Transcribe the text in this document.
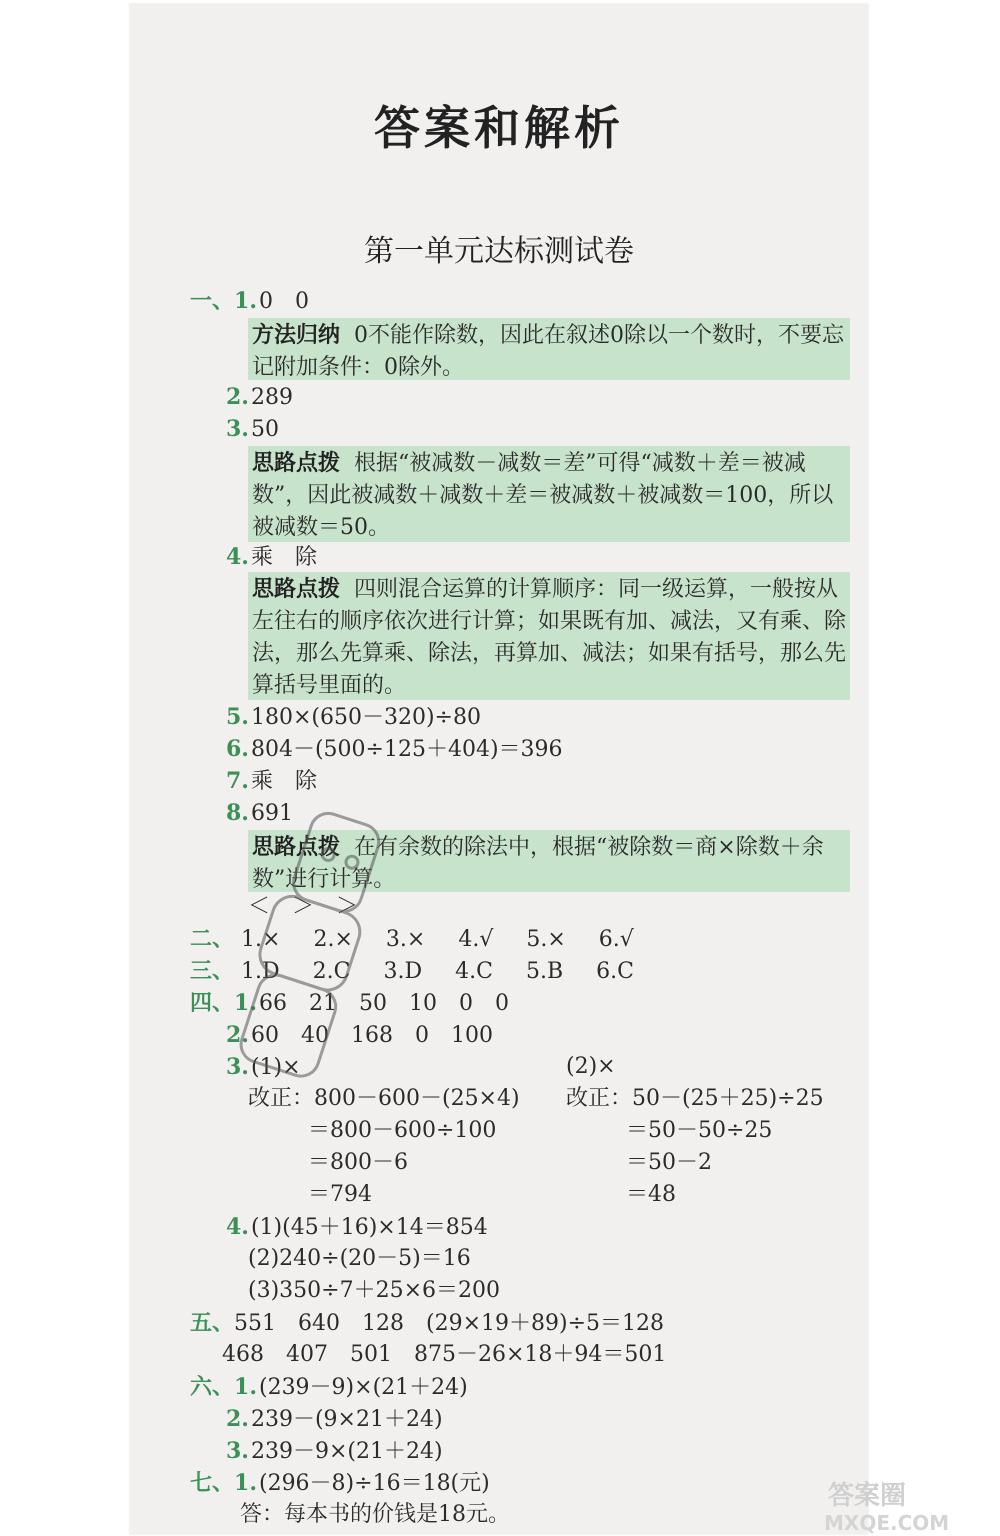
答案和解析
第一单元达标测试卷
一、1.0　0
方法归纳 0不能作除数，因此在叙述0除以一个数时，不要忘记附加条件：0除外。
2.289
3.50
思路点拨 根据“被减数－减数＝差”可得“减数＋差＝被减数”，因此被减数＋减数＋差＝被减数＋被减数＝100，所以被减数＝50。
4.乘　除
思路点拨 四则混合运算的计算顺序：同一级运算，一般按从左往右的顺序依次进行计算；如果既有加、减法，又有乘、除法，那么先算乘、除法，再算加、减法；如果有括号，那么先算括号里面的。
5.180×(650－320)÷80
6.804－(500÷125＋404)＝396
7.乘　除
8.691
思路点拨 在有余数的除法中，根据“被除数＝商×除数＋余数”进行计算。
＜　＞　＞
二、 1.× 2.× 3.× 4.√ 5.× 6.√
三、 1.D 2.C 3.D 4.C 5.B 6.C
四、1.66　21　50　10　0　0
2.60　40　168　0　100
3.(1)×	(2)×
改正：800－600－(25×4)
＝800－600÷100
＝800－6
＝794
改正：50－(25＋25)÷25
＝50－50÷25
＝50－2
＝48
4.(1)(45＋16)×14＝854
(2)240÷(20－5)＝16
(3)350÷7＋25×6＝200
五、551　640　128　(29×19＋89)÷5＝128
468　407　501　875－26×18＋94＝501
六、1.(239－9)×(21＋24)
2.239－(9×21＋24)
3.239－9×(21＋24)
七、1.(296－8)÷16＝18(元)
答：每本书的价钱是18元。
答案圈
MXQE.COM
